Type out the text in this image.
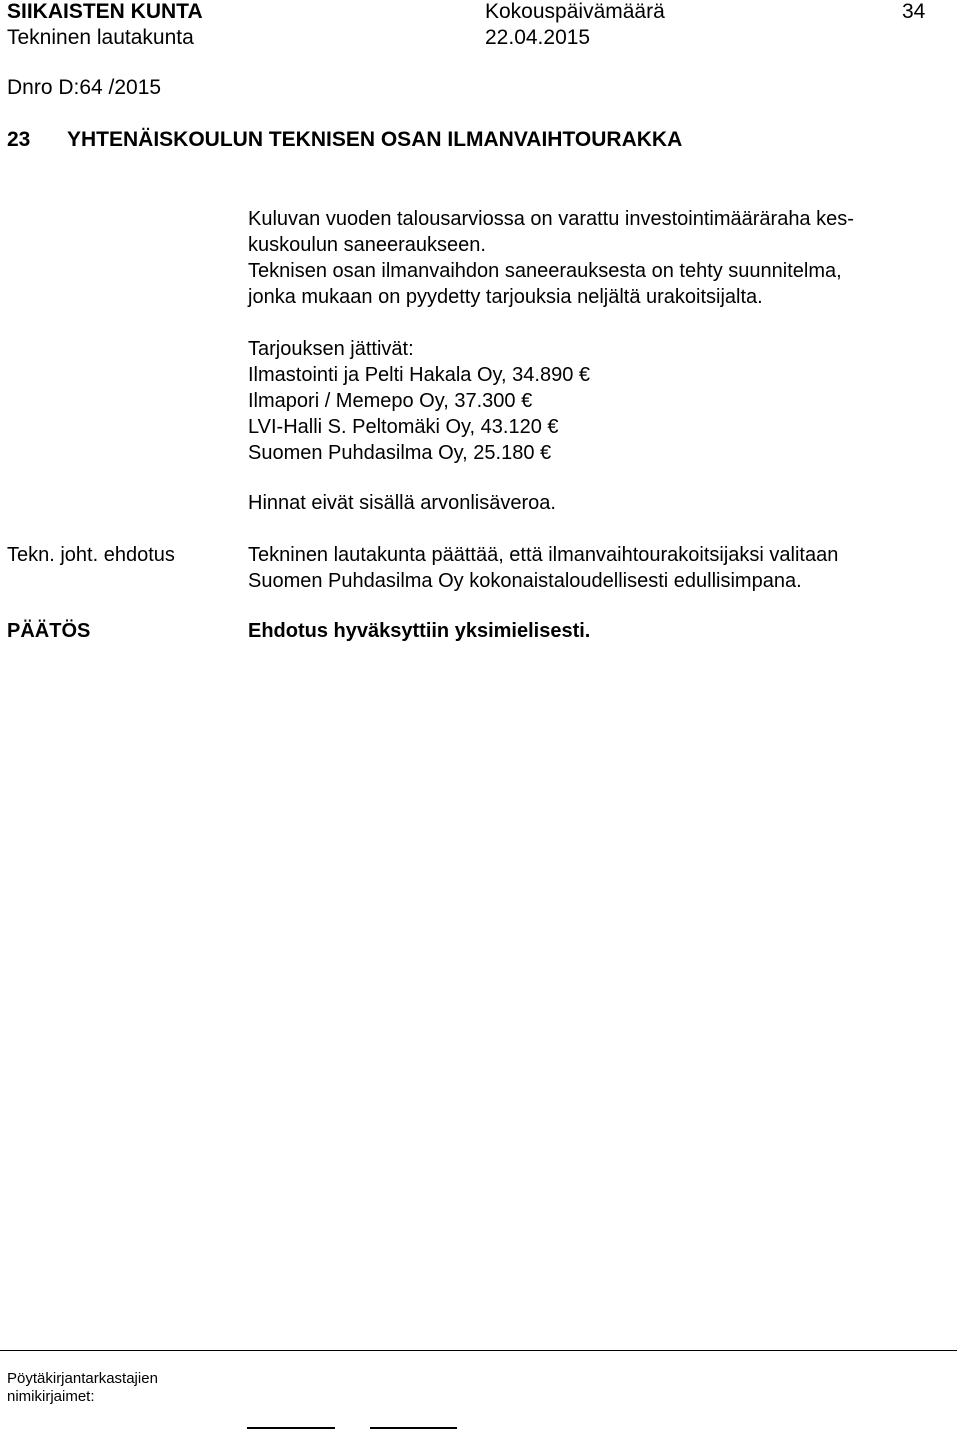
SIIKAISTEN KUNTA
Tekninen lautakunta
Kokouspäivämäärä
22.04.2015
34
Dnro D:64 /2015
23 YHTENÄISKOULUN TEKNISEN OSAN ILMANVAIHTOURAKKA
Kuluvan vuoden talousarviossa on varattu investointimääräraha kes-
kuskoulun saneeraukseen.
Teknisen osan ilmanvaihdon saneerauksesta on tehty suunnitelma,
jonka mukaan on pyydetty tarjouksia neljältä urakoitsijalta.
Tarjouksen jättivät:
Ilmastointi ja Pelti Hakala Oy, 34.890 €
Ilmapori / Memepo Oy, 37.300 €
LVI-Halli S. Peltomäki Oy, 43.120 €
Suomen Puhdasilma Oy, 25.180 €
Hinnat eivät sisällä arvonlisäveroa.
Tekn. joht. ehdotus	Tekninen lautakunta päättää, että ilmanvaihtourakoitsijaksi valitaan
Suomen Puhdasilma Oy kokonaistaloudellisesti edullisimpana.
PÄÄTÖS	Ehdotus hyväksyttiin yksimielisesti.
Pöytäkirjantarkastajien
nimikirjaimet:
